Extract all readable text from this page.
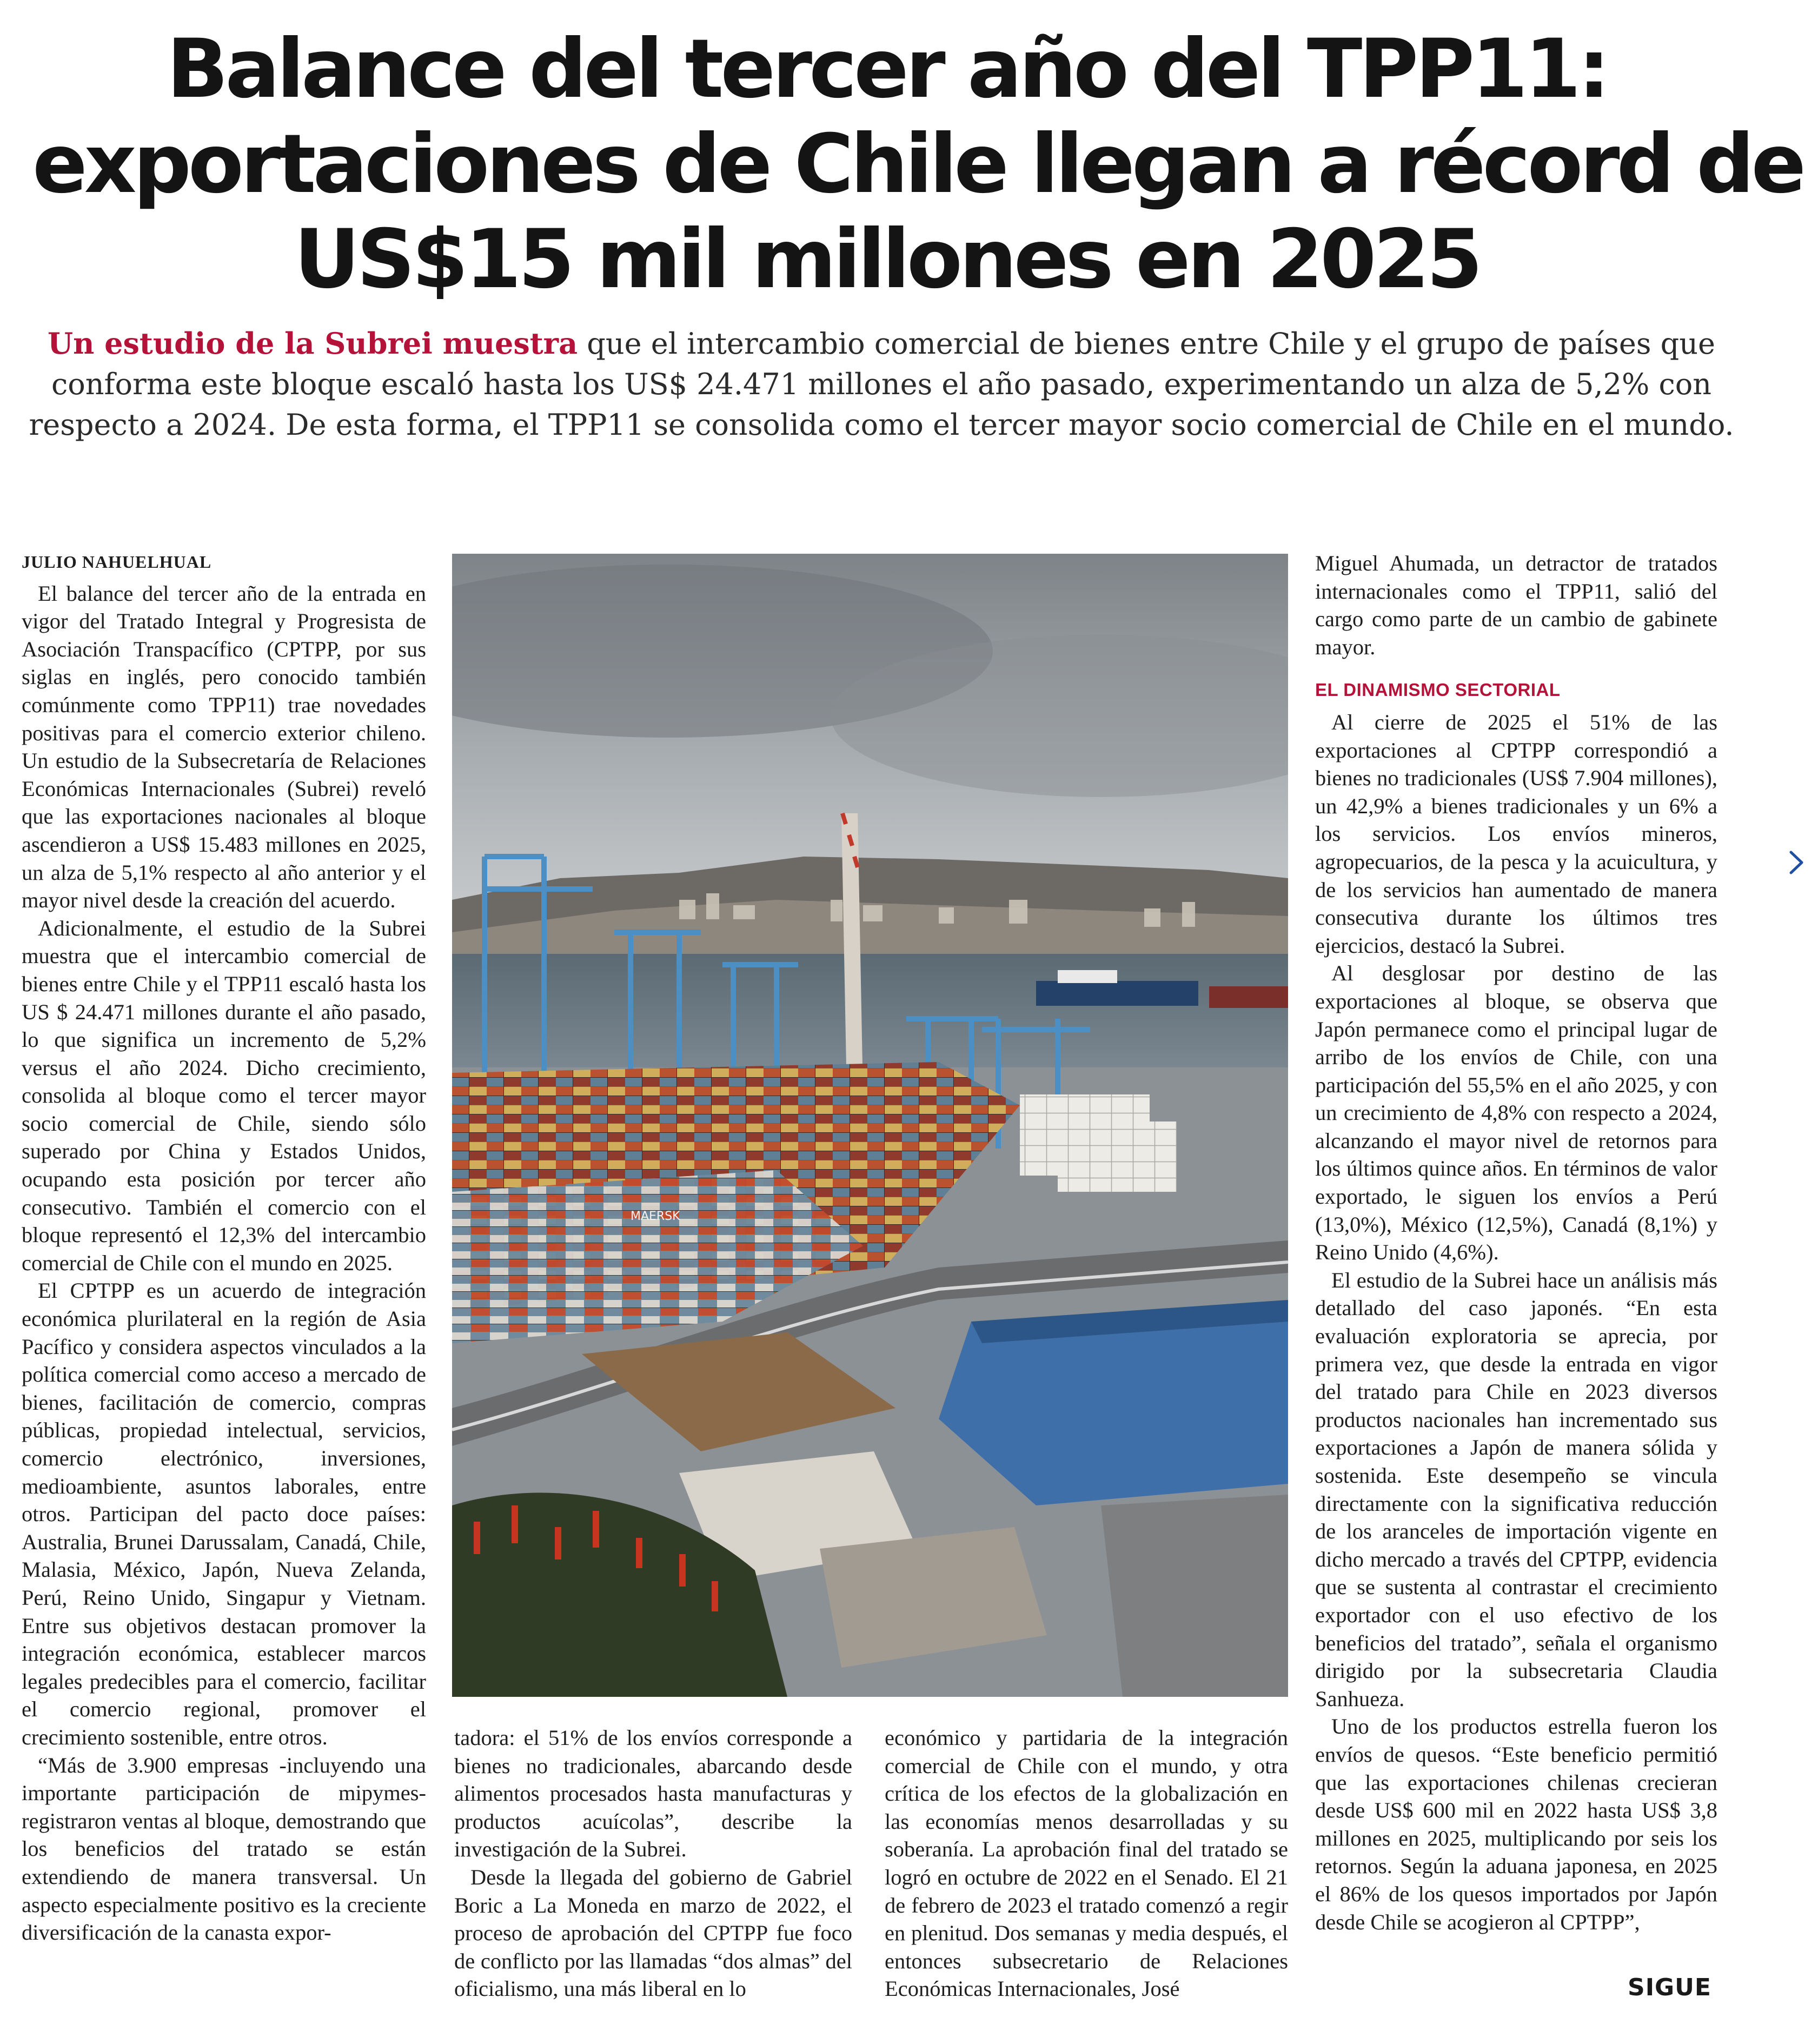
Balance del tercer año del TPP11:
exportaciones de Chile llegan a récord de
US$15 mil millones en 2025

Un estudio de la Subrei muestra que el intercambio comercial de bienes entre Chile y el grupo de países que conforma este bloque escaló hasta los US$ 24.471 millones el año pasado, experimentando un alza de 5,2% con respecto a 2024. De esta forma, el TPP11 se consolida como el tercer mayor socio comercial de Chile en el mundo.

JULIO NAHUELHUAL

El balance del tercer año de la entrada en vigor del Tratado Integral y Progresista de Asociación Transpacífico (CPTPP, por sus siglas en inglés, pero conocido también comúnmente como TPP11) trae novedades positivas para el comercio exterior chileno. Un estudio de la Subsecretaría de Relaciones Económicas Internacionales (Subrei) reveló que las exportaciones nacionales al bloque ascendieron a US$ 15.483 millones en 2025, un alza de 5,1% respecto al año anterior y el mayor nivel desde la creación del acuerdo.

Adicionalmente, el estudio de la Subrei muestra que el intercambio comercial de bienes entre Chile y el TPP11 escaló hasta los US $ 24.471 millones durante el año pasado, lo que significa un incremento de 5,2% versus el año 2024. Dicho crecimiento, consolida al bloque como el tercer mayor socio comercial de Chile, siendo sólo superado por China y Estados Unidos, ocupando esta posición por tercer año consecutivo. También el comercio con el bloque representó el 12,3% del intercambio comercial de Chile con el mundo en 2025.

El CPTPP es un acuerdo de integración económica plurilateral en la región de Asia Pacífico y considera aspectos vinculados a la política comercial como acceso a mercado de bienes, facilitación de comercio, compras públicas, propiedad intelectual, servicios, comercio electrónico, inversiones, medioambiente, asuntos laborales, entre otros. Participan del pacto doce países: Australia, Brunei Darussalam, Canadá, Chile, Malasia, México, Japón, Nueva Zelanda, Perú, Reino Unido, Singapur y Vietnam. Entre sus objetivos destacan promover la integración económica, establecer marcos legales predecibles para el comercio, facilitar el comercio regional, promover el crecimiento sostenible, entre otros.

“Más de 3.900 empresas -incluyendo una importante participación de mipymes- registraron ventas al bloque, demostrando que los beneficios del tratado se están extendiendo de manera transversal. Un aspecto especialmente positivo es la creciente diversificación de la canasta expor-

MAERSK

tadora: el 51% de los envíos corresponde a bienes no tradicionales, abarcando desde alimentos procesados hasta manufacturas y productos acuícolas”, describe la investigación de la Subrei.

Desde la llegada del gobierno de Gabriel Boric a La Moneda en marzo de 2022, el proceso de aprobación del CPTPP fue foco de conflicto por las llamadas “dos almas” del oficialismo, una más liberal en lo

económico y partidaria de la integración comercial de Chile con el mundo, y otra crítica de los efectos de la globalización en las economías menos desarrolladas y su soberanía. La aprobación final del tratado se logró en octubre de 2022 en el Senado. El 21 de febrero de 2023 el tratado comenzó a regir en plenitud. Dos semanas y media después, el entonces subsecretario de Relaciones Económicas Internacionales, José

Miguel Ahumada, un detractor de tratados internacionales como el TPP11, salió del cargo como parte de un cambio de gabinete mayor.

EL DINAMISMO SECTORIAL

Al cierre de 2025 el 51% de las exportaciones al CPTPP correspondió a bienes no tradicionales (US$ 7.904 millones), un 42,9% a bienes tradicionales y un 6% a los servicios. Los envíos mineros, agropecuarios, de la pesca y la acuicultura, y de los servicios han aumentado de manera consecutiva durante los últimos tres ejercicios, destacó la Subrei.

Al desglosar por destino de las exportaciones al bloque, se observa que Japón permanece como el principal lugar de arribo de los envíos de Chile, con una participación del 55,5% en el año 2025, y con un crecimiento de 4,8% con respecto a 2024, alcanzando el mayor nivel de retornos para los últimos quince años. En términos de valor exportado, le siguen los envíos a Perú (13,0%), México (12,5%), Canadá (8,1%) y Reino Unido (4,6%).

El estudio de la Subrei hace un análisis más detallado del caso japonés. “En esta evaluación exploratoria se aprecia, por primera vez, que desde la entrada en vigor del tratado para Chile en 2023 diversos productos nacionales han incrementado sus exportaciones a Japón de manera sólida y sostenida. Este desempeño se vincula directamente con la significativa reducción de los aranceles de importación vigente en dicho mercado a través del CPTPP, evidencia que se sustenta al contrastar el crecimiento exportador con el uso efectivo de los beneficios del tratado”, señala el organismo dirigido por la subsecretaria Claudia Sanhueza.

Uno de los productos estrella fueron los envíos de quesos. “Este beneficio permitió que las exportaciones chilenas crecieran desde US$ 600 mil en 2022 hasta US$ 3,8 millones en 2025, multiplicando por seis los retornos. Según la aduana japonesa, en 2025 el 86% de los quesos importados por Japón desde Chile se acogieron al CPTPP”,

SIGUE
